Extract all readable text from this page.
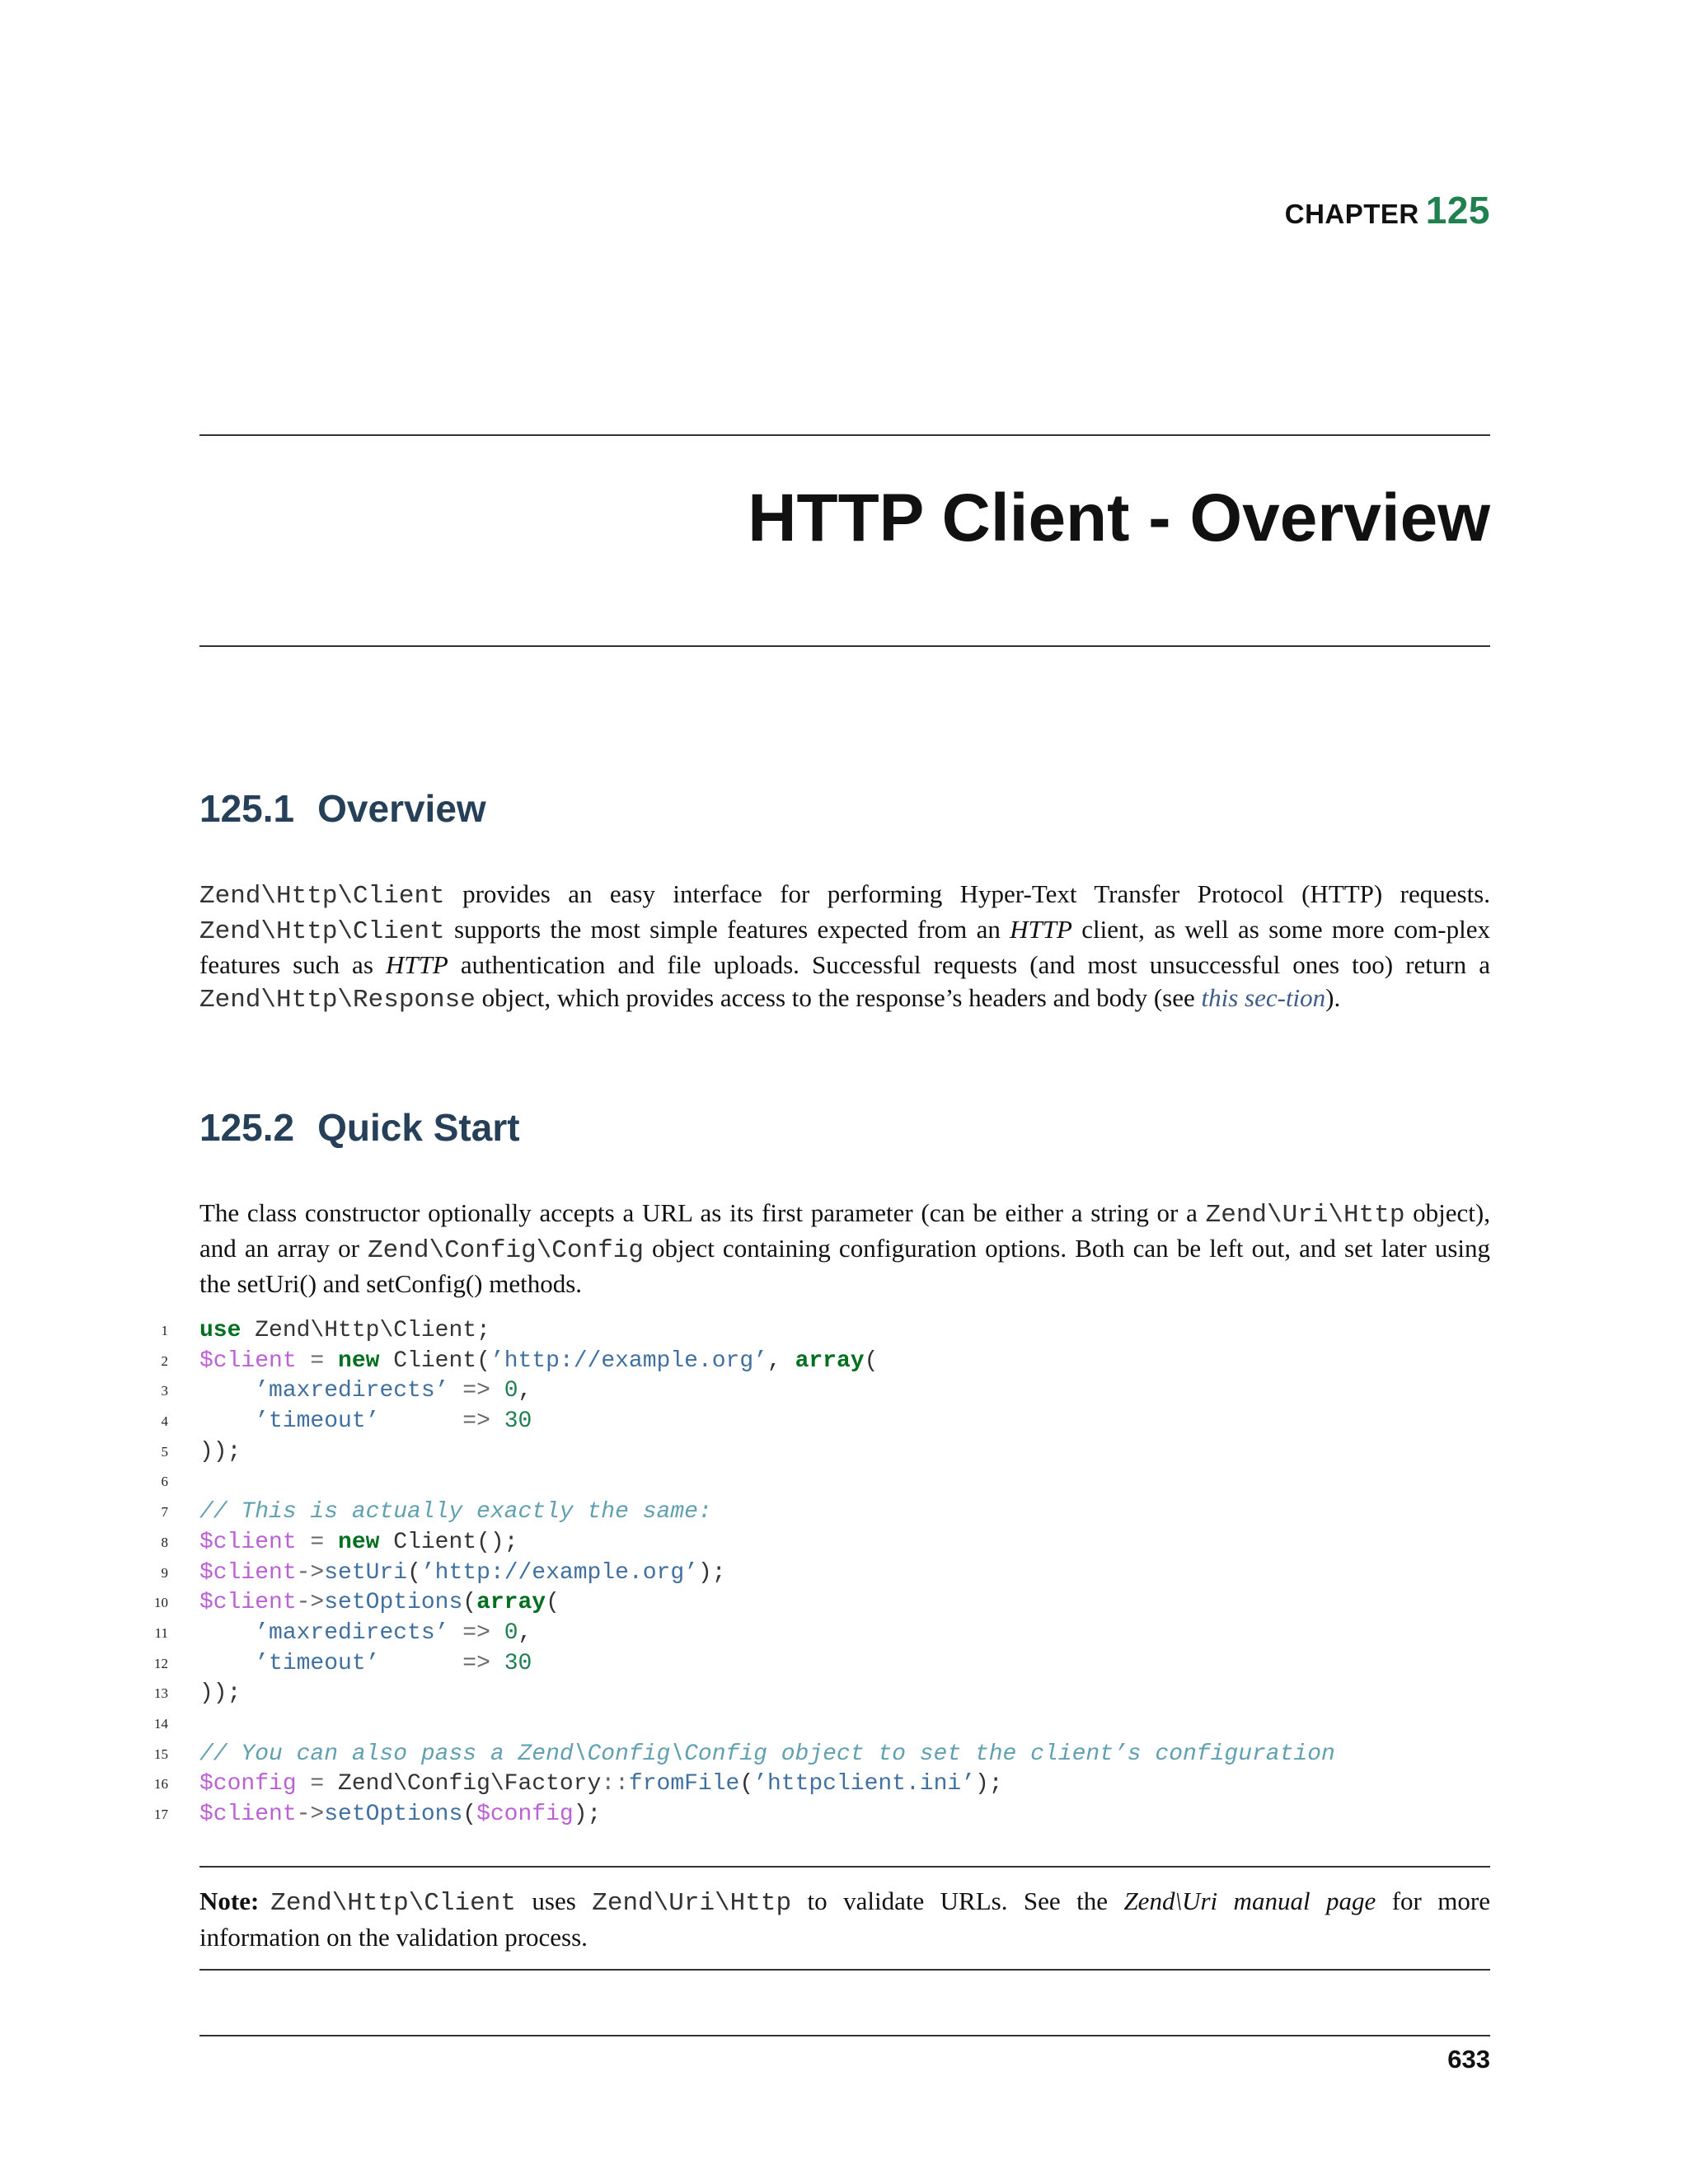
CHAPTER 125
HTTP Client - Overview
125.1 Overview

Zend\Http\Client provides an easy interface for performing Hyper-Text Transfer Protocol (HTTP) requests. Zend\Http\Client supports the most simple features expected from an HTTP client, as well as some more com-plex features such as HTTP authentication and file uploads. Successful requests (and most unsuccessful ones too) return a Zend\Http\Response object, which provides access to the response’s headers and body (see this sec-tion).

125.2 Quick Start

The class constructor optionally accepts a URL as its first parameter (can be either a string or a Zend\Uri\Http object), and an array or Zend\Config\Config object containing configuration options. Both can be left out, and set later using the setUri() and setConfig() methods.

1 use Zend\Http\Client;
2 $client = new Client(’http://example.org’, array(
3	’maxredirects’ => 0,
4	’timeout’      => 30
5 ));
6
7 // This is actually exactly the same:
8 $client = new Client();
9 $client->setUri(’http://example.org’);
10 $client->setOptions(array(
11	’maxredirects’ => 0,
12	’timeout’      => 30
13 ));
14
15 // You can also pass a Zend\Config\Config object to set the client’s configuration
16 $config = Zend\Config\Factory::fromFile(’httpclient.ini’);
17 $client->setOptions($config);

Note: Zend\Http\Client uses Zend\Uri\Http to validate URLs. See the Zend\Uri manual page for more information on the validation process.

633
